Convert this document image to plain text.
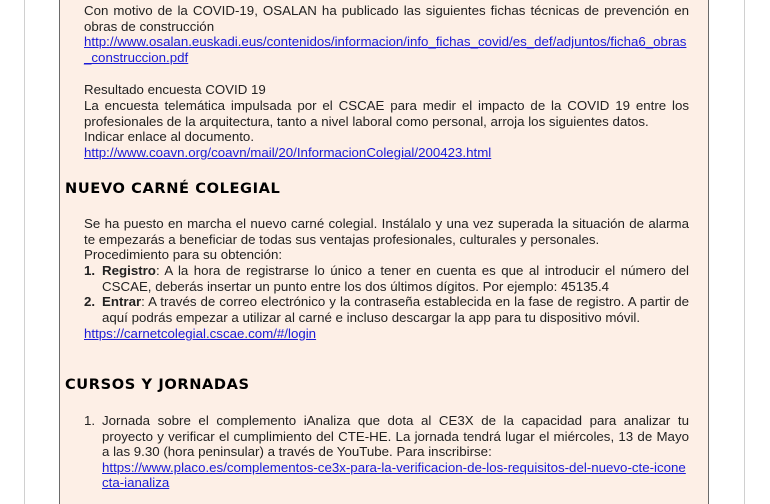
Con motivo de la COVID-19, OSALAN ha publicado las siguientes fichas técnicas de prevención en obras de construcción

http://www.osalan.euskadi.eus/contenidos/informacion/info_fichas_covid/es_def/adjuntos/ficha6_obras_construccion.pdf

Resultado encuesta COVID 19

La encuesta telemática impulsada por el CSCAE para medir el impacto de la COVID 19 entre los profesionales de la arquitectura, tanto a nivel laboral como personal, arroja los siguientes datos.

Indicar enlace al documento.

http://www.coavn.org/coavn/mail/20/InformacionColegial/200423.html

NUEVO CARNÉ COLEGIAL

Se ha puesto en marcha el nuevo carné colegial. Instálalo y una vez superada la situación de alarma te empezarás a beneficiar de todas sus ventajas profesionales, culturales y personales.

Procedimiento para su obtención:

1. Registro: A la hora de registrarse lo único a tener en cuenta es que al introducir el número del CSCAE, deberás insertar un punto entre los dos últimos dígitos. Por ejemplo: 45135.4
2. Entrar: A través de correo electrónico y la contraseña establecida en la fase de registro. A partir de aquí podrás empezar a utilizar al carné e incluso descargar la app para tu dispositivo móvil.

https://carnetcolegial.cscae.com/#/login

CURSOS Y JORNADAS
1. Jornada sobre el complemento iAnaliza que dota al CE3X de la capacidad para analizar tu proyecto y verificar el cumplimiento del CTE-HE. La jornada tendrá lugar el miércoles, 13 de Mayo a las 9.30 (hora peninsular) a través de YouTube. Para inscribirse:
https://www.placo.es/complementos-ce3x-para-la-verificacion-de-los-requisitos-del-nuevo-cte-iconecta-ianaliza
